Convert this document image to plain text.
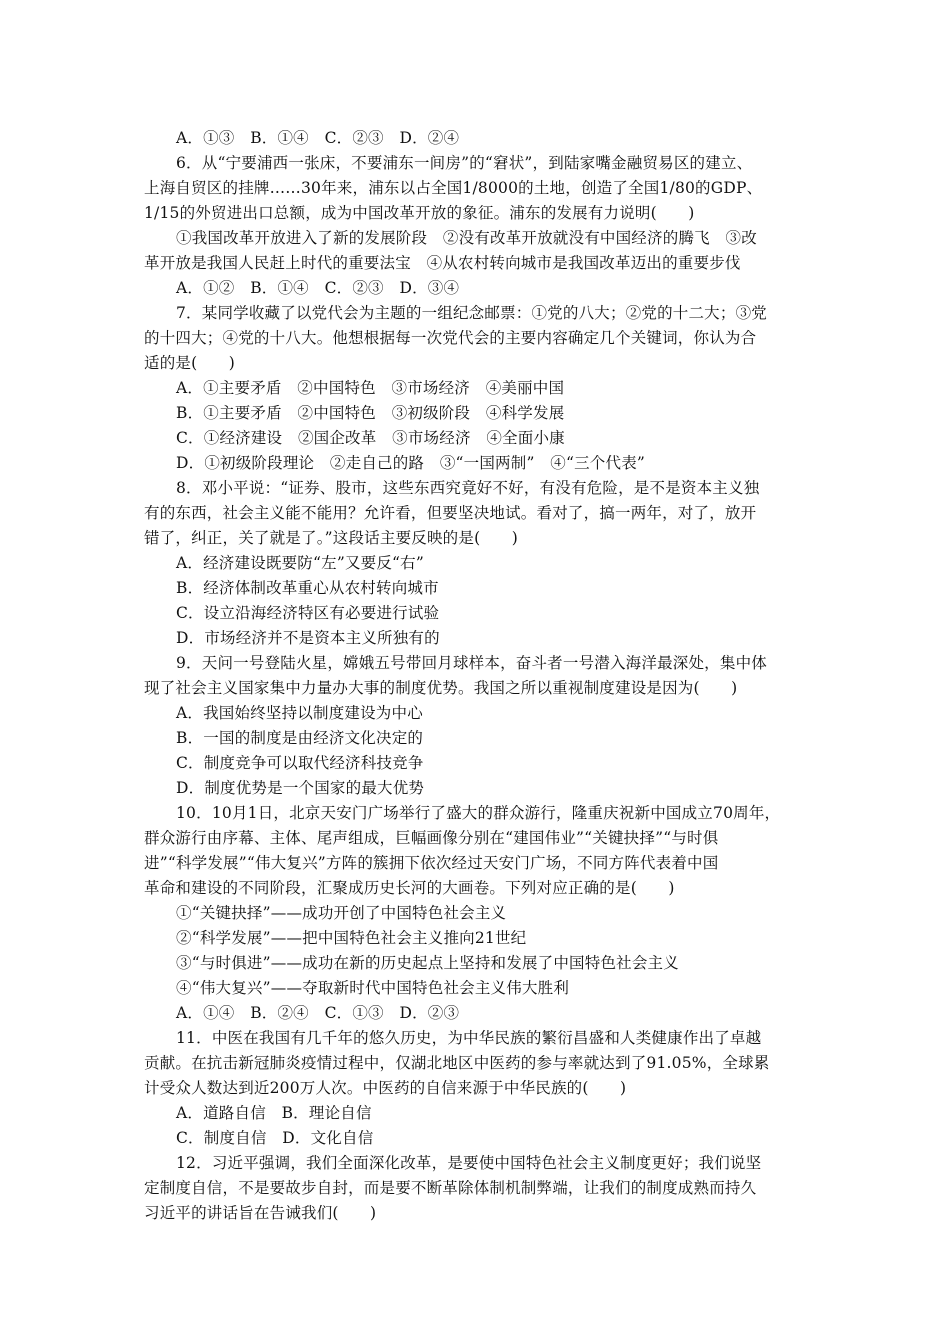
A．①③　B．①④　C．②③　D．②④
6．从“宁要浦西一张床，不要浦东一间房”的“窘状”，到陆家嘴金融贸易区的建立、
上海自贸区的挂牌……30年来，浦东以占全国1/8000的土地，创造了全国1/80的GDP、
1/15的外贸进出口总额，成为中国改革开放的象征。浦东的发展有力说明(　　)
①我国改革开放进入了新的发展阶段　②没有改革开放就没有中国经济的腾飞　③改
革开放是我国人民赶上时代的重要法宝　④从农村转向城市是我国改革迈出的重要步伐
A．①②　B．①④　C．②③　D．③④
7．某同学收藏了以党代会为主题的一组纪念邮票：①党的八大；②党的十二大；③党
的十四大；④党的十八大。他想根据每一次党代会的主要内容确定几个关键词，你认为合
适的是(　　)
A．①主要矛盾　②中国特色　③市场经济　④美丽中国
B．①主要矛盾　②中国特色　③初级阶段　④科学发展
C．①经济建设　②国企改革　③市场经济　④全面小康
D．①初级阶段理论　②走自己的路　③“一国两制”　④“三个代表”
8．邓小平说：“证券、股市，这些东西究竟好不好，有没有危险，是不是资本主义独
有的东西，社会主义能不能用？允许看，但要坚决地试。看对了，搞一两年，对了，放开
错了，纠正，关了就是了。”这段话主要反映的是(　　)
A．经济建设既要防“左”又要反“右”
B．经济体制改革重心从农村转向城市
C．设立沿海经济特区有必要进行试验
D．市场经济并不是资本主义所独有的
9．天问一号登陆火星，嫦娥五号带回月球样本，奋斗者一号潜入海洋最深处，集中体
现了社会主义国家集中力量办大事的制度优势。我国之所以重视制度建设是因为(　　)
A．我国始终坚持以制度建设为中心
B．一国的制度是由经济文化决定的
C．制度竞争可以取代经济科技竞争
D．制度优势是一个国家的最大优势
10．10月1日，北京天安门广场举行了盛大的群众游行，隆重庆祝新中国成立70周年，
群众游行由序幕、主体、尾声组成，巨幅画像分别在“建国伟业”“关键抉择”“与时俱
进”“科学发展”“伟大复兴”方阵的簇拥下依次经过天安门广场，不同方阵代表着中国
革命和建设的不同阶段，汇聚成历史长河的大画卷。下列对应正确的是(　　)
①“关键抉择”——成功开创了中国特色社会主义
②“科学发展”——把中国特色社会主义推向21世纪
③“与时俱进”——成功在新的历史起点上坚持和发展了中国特色社会主义
④“伟大复兴”——夺取新时代中国特色社会主义伟大胜利
A．①④　B．②④　C．①③　D．②③
11．中医在我国有几千年的悠久历史，为中华民族的繁衍昌盛和人类健康作出了卓越
贡献。在抗击新冠肺炎疫情过程中，仅湖北地区中医药的参与率就达到了91.05%，全球累
计受众人数达到近200万人次。中医药的自信来源于中华民族的(　　)
A．道路自信　B．理论自信
C．制度自信　D．文化自信
12．习近平强调，我们全面深化改革，是要使中国特色社会主义制度更好；我们说坚
定制度自信，不是要故步自封，而是要不断革除体制机制弊端，让我们的制度成熟而持久
习近平的讲话旨在告诫我们(　　)
